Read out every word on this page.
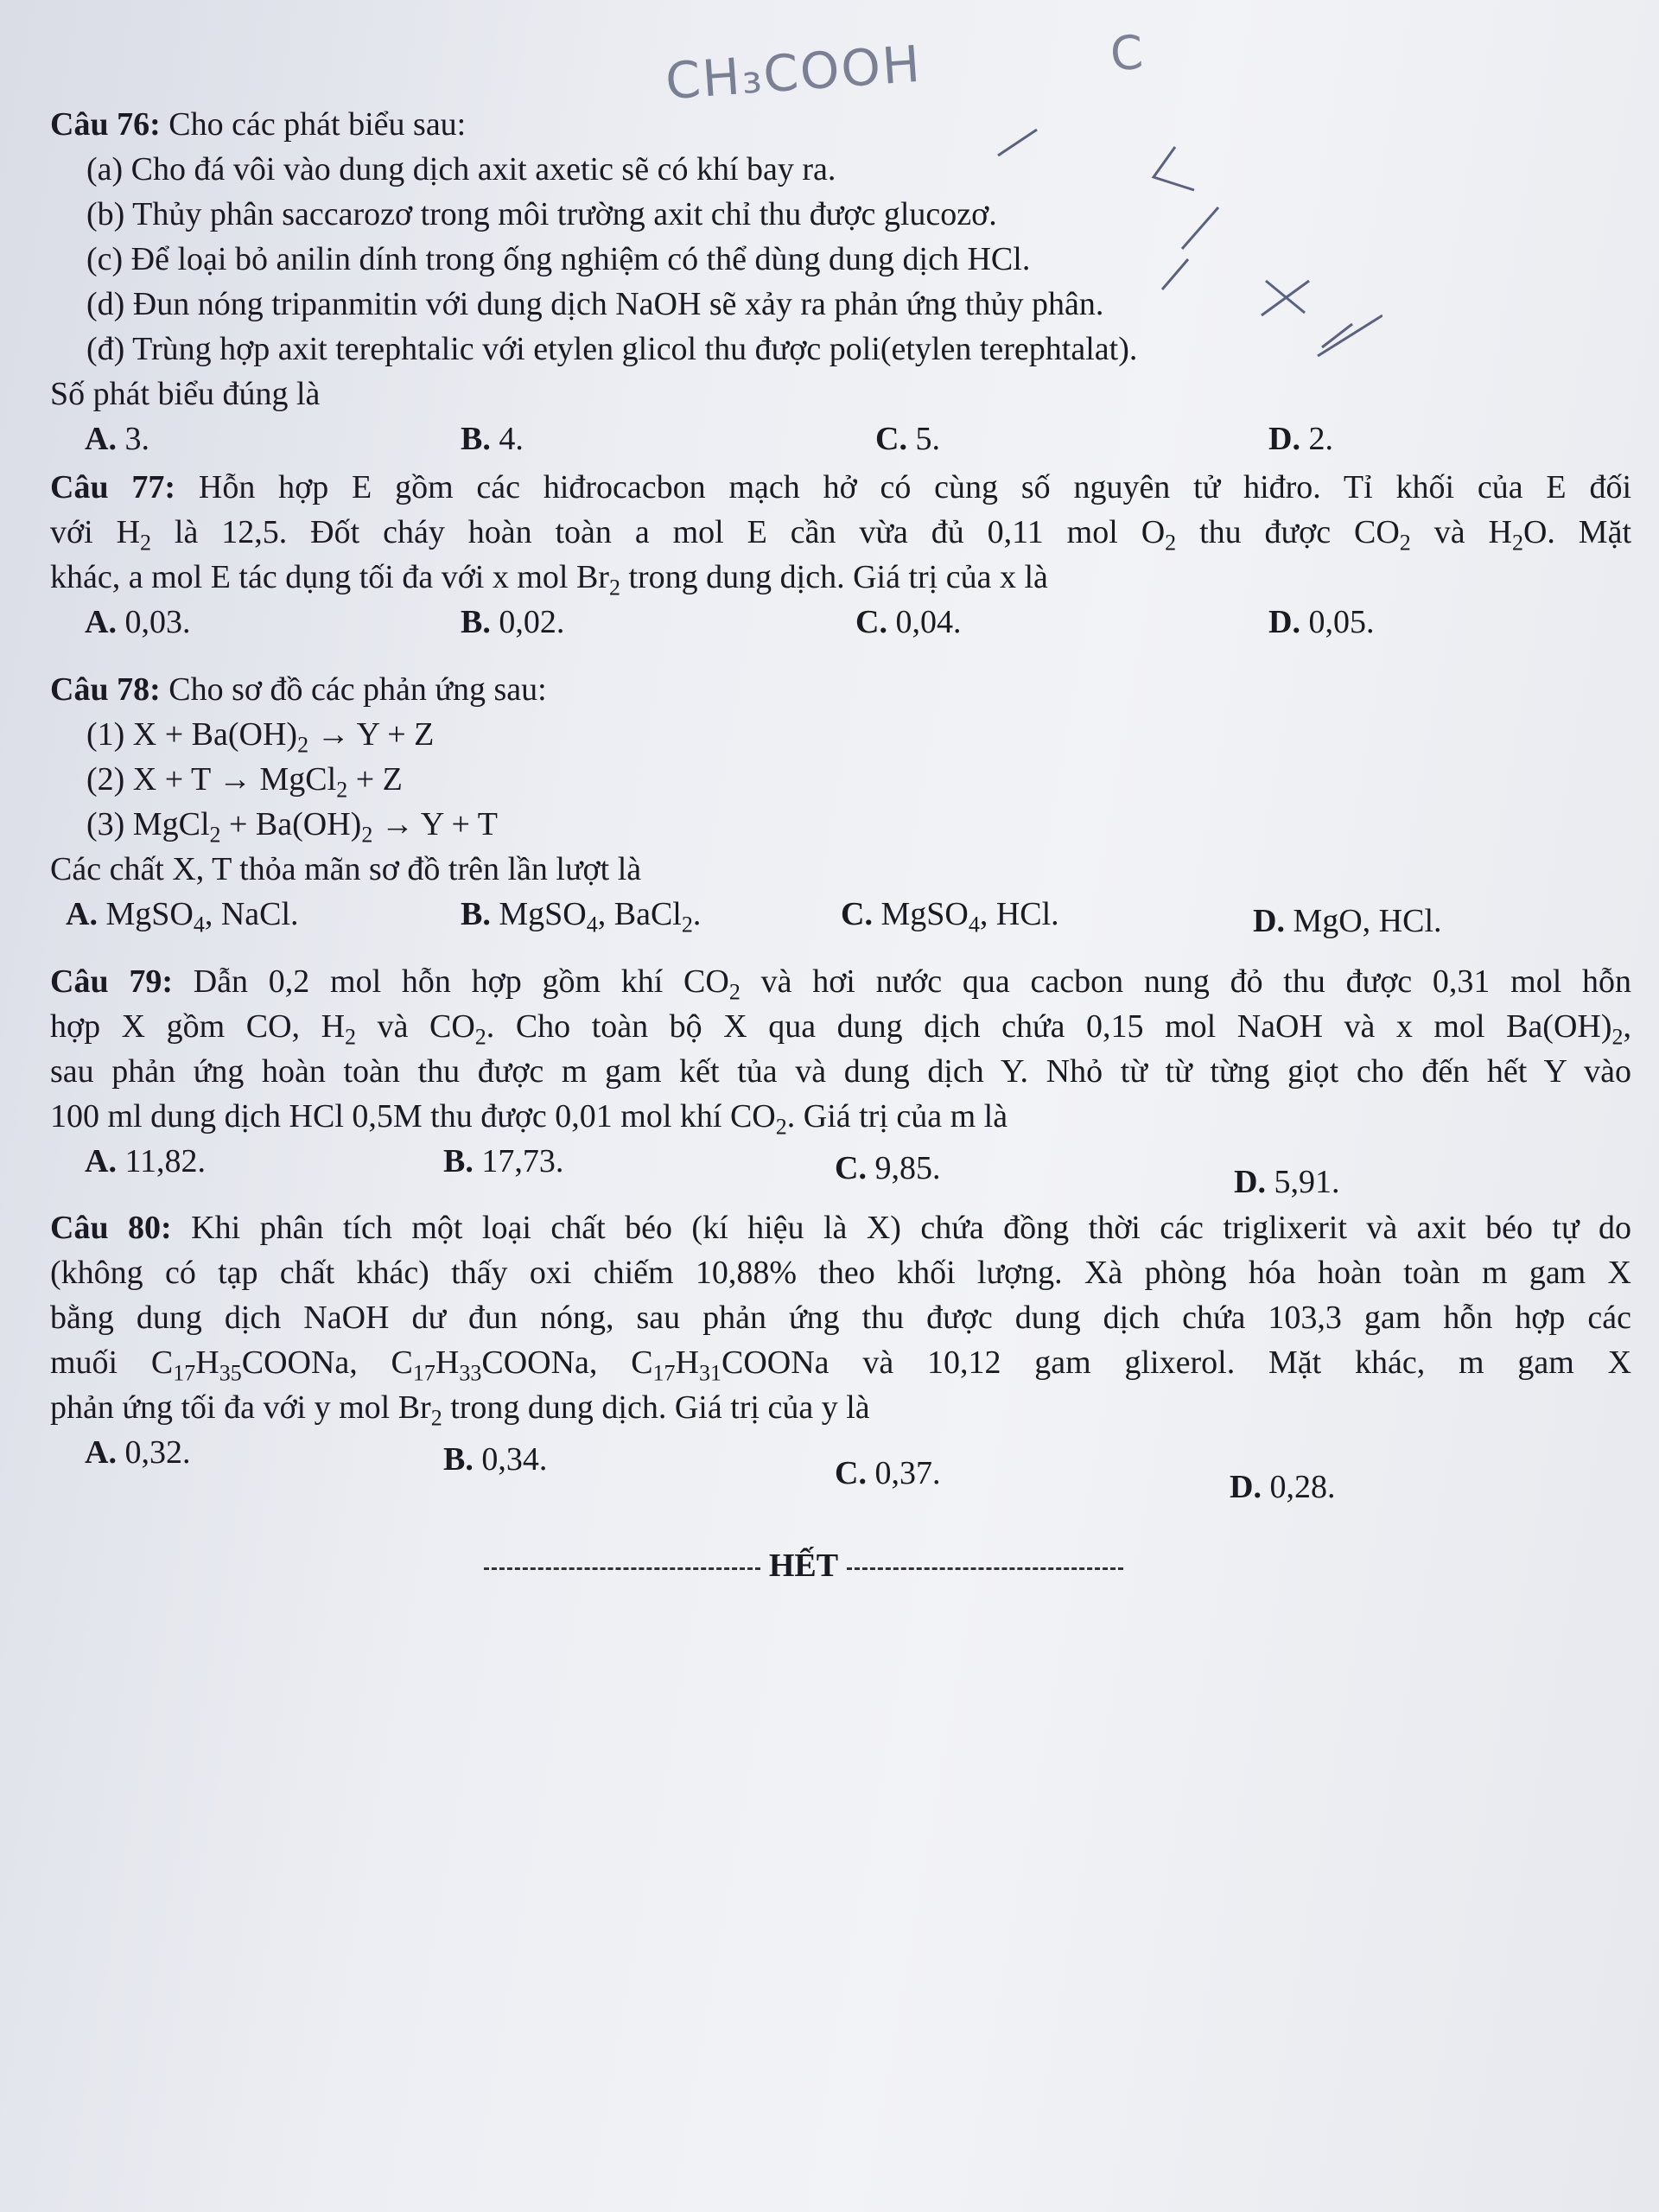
CH₃COOH	C
Câu 76: Cho các phát biểu sau:
(a) Cho đá vôi vào dung dịch axit axetic sẽ có khí bay ra.
(b) Thủy phân saccarozơ trong môi trường axit chỉ thu được glucozơ.
(c) Để loại bỏ anilin dính trong ống nghiệm có thể dùng dung dịch HCl.
(d) Đun nóng tripanmitin với dung dịch NaOH sẽ xảy ra phản ứng thủy phân.
(đ) Trùng hợp axit terephtalic với etylen glicol thu được poli(etylen terephtalat).
Số phát biểu đúng là
A. 3.	B. 4.	C. 5.	D. 2.
Câu 77: Hỗn hợp E gồm các hiđrocacbon mạch hở có cùng số nguyên tử hiđro. Tỉ khối của E đối
với $H_2$ là 12,5. Đốt cháy hoàn toàn a mol E cần vừa đủ 0,11 mol $O_2$ thu được $CO_2$ và $H_2O$. Mặt
khác, a mol E tác dụng tối đa với x mol $Br_2$ trong dung dịch. Giá trị của x là
A. 0,03.	B. 0,02.	C. 0,04.	D. 0,05.
Câu 78: Cho sơ đồ các phản ứng sau:
(1) $X + Ba(OH)_2 \to Y + Z$
(2) X + T → MgCl$_2$ + Z
(3) MgCl$_2$ + $Ba(OH)_2 \to Y + T$
Các chất X, T thỏa mãn sơ đồ trên lần lượt là
A. MgSO$_4$, NaCl.	B. MgSO$_4$, BaCl$_2$.	C. MgSO$_4$, HCl.	D. MgO, HCl.
Câu 79: Dẫn 0,2 mol hỗn hợp gồm khí $CO_2$ và hơi nước qua cacbon nung đỏ thu được 0,31 mol hỗn
hợp X gồm CO, $H_2$ và $CO_2$. Cho toàn bộ X qua dung dịch chứa 0,15 mol NaOH và x mol $Ba(OH)_2$,
sau phản ứng hoàn toàn thu được m gam kết tủa và dung dịch Y. Nhỏ từ từ từng giọt cho đến hết Y vào
100 ml dung dịch HCl 0,5M thu được 0,01 mol khí $CO_2$. Giá trị của m là
A. 11,82.	B. 17,73.	C. 9,85.	D. 5,91.
Câu 80: Khi phân tích một loại chất béo (kí hiệu là X) chứa đồng thời các triglixerit và axit béo tự do
(không có tạp chất khác) thấy oxi chiếm 10,88% theo khối lượng. Xà phòng hóa hoàn toàn m gam X
bằng dung dịch NaOH dư đun nóng, sau phản ứng thu được dung dịch chứa 103,3 gam hỗn hợp các
muối $C_{17}H_{35}COONa$, $C_{17}H_{33}COONa$, $C_{17}H_{31}COONa$ và 10,12 gam glixerol. Mặt khác, m gam X
phản ứng tối đa với y mol $Br_2$ trong dung dịch. Giá trị của y là
A. 0,32.	B. 0,34.	C. 0,37.	D. 0,28.
HẾT
